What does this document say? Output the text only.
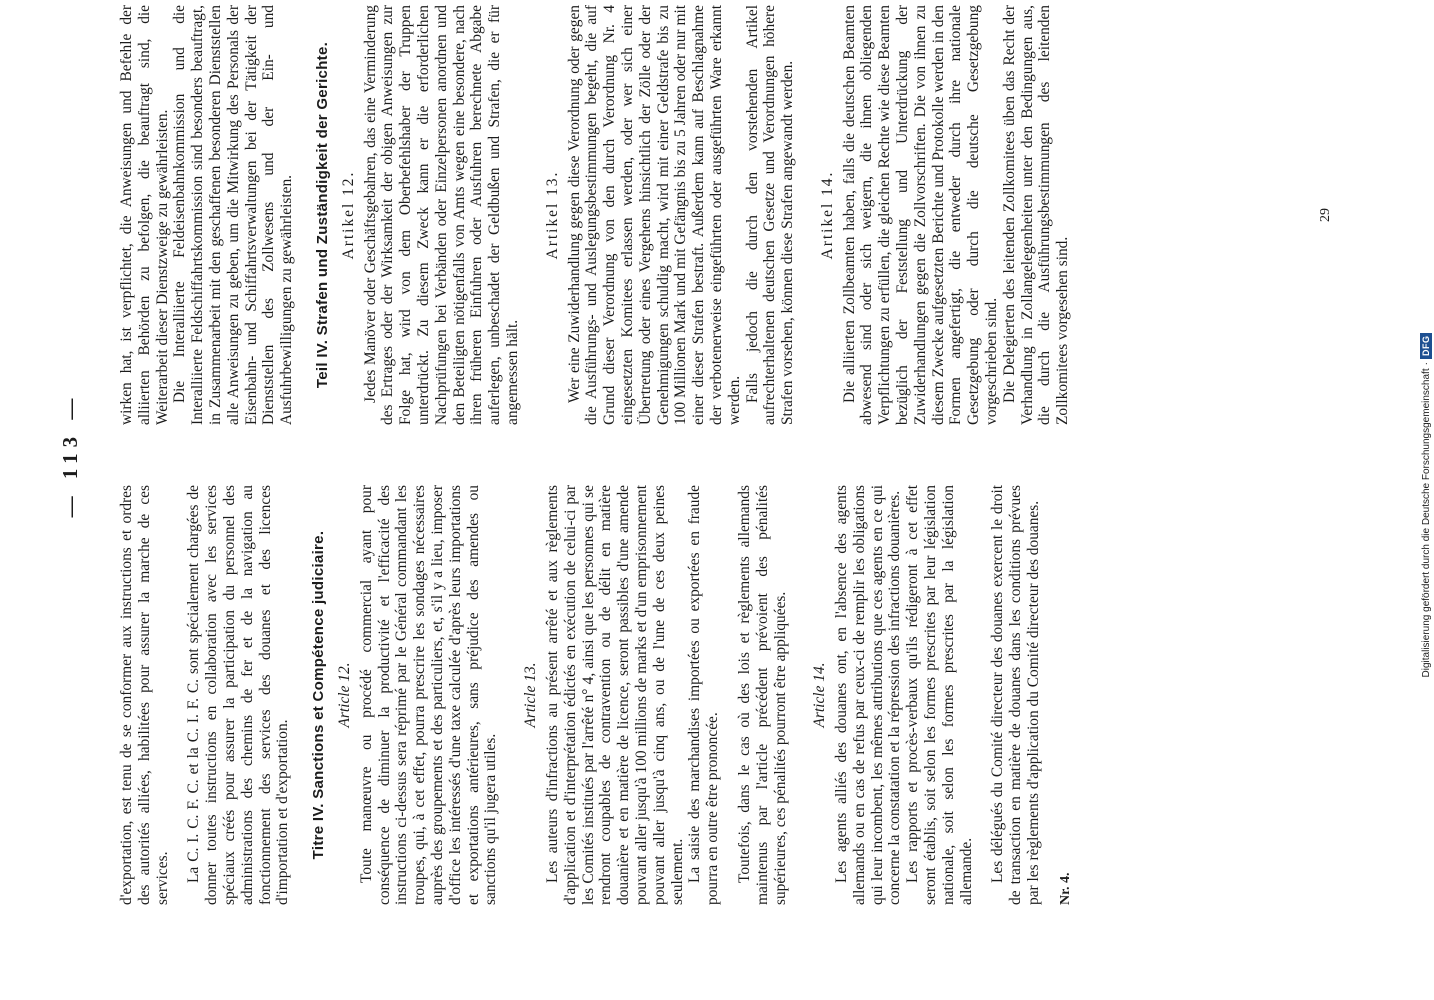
— 113 —

d'exportation, est tenu de se conformer aux instructions et ordres des autorités alliées, habilitées pour assurer la marche de ces services. La C. I. C. F. C. et la C. I. F. C. sont spécialement chargées de donner toutes instructions en collaboration avec les services spéciaux créés pour assurer la participation du personnel des administrations des chemins de fer et de la navigation au fonctionnement des services des douanes et des licences d'importation et d'exportation. Titre IV. Sanctions et Compétence judiciaire. Article 12. Toute manœuvre ou procédé commercial ayant pour conséquence de diminuer la productivité et l'efficacité des instructions ci-dessus sera réprimé par le Général commandant les troupes, qui, à cet effet, pourra prescrire les sondages nécessaires auprès des groupements et des particuliers, et, s'il y a lieu, imposer d'office les intéressés d'une taxe calculée d'après leurs importations et exportations antérieures, sans préjudice des amendes ou sanctions qu'il jugera utiles.

Article 13. Les auteurs d'infractions au présent arrêté et aux règlements d'application et d'interprétation édictés en exécution de celui-ci par les Comités institués par l'arrêté n° 4, ainsi que les personnes qui se rendront coupables de contravention ou de délit en matière douanière et en matière de licence, seront passibles d'une amende pouvant aller jusqu'à 100 millions de marks et d'un emprisonnement pouvant aller jusqu'à cinq ans, ou de l'une de ces deux peines seulement. La saisie des marchandises importées ou exportées en fraude pourra en outre être prononcée. Toutefois, dans le cas où des lois et règlements allemands maintenus par l'article précédent prévoient des pénalités supérieures, ces pénalités pourront être appliquées. Article 14. Les agents alliés des douanes ont, en l'absence des agents allemands ou en cas de refus par ceux-ci de remplir les obligations qui leur incombent, les mêmes attributions que ces agents en ce qui concerne la constatation et la répression des infractions douanières. Les rapports et procès-verbaux qu'ils rédigeront à cet effet seront établis, soit selon les formes prescrites par leur législation nationale, soit selon les formes prescrites par la législation allemande. Les délégués du Comité directeur des douanes exercent le droit de transaction en matière de douanes dans les conditions prévues par les règlements d'application du Comité directeur des douanes. Nr. 4.

wirken hat, ist verpflichtet, die Anweisungen und Befehle der alliierten Behörden zu befolgen, die beauftragt sind, die Weiterarbeit dieser Dienstzweige zu gewährleisten. Die Interalliierte Feldeisenbahnkommission und die Interalliierte Feldschiffahrtskommission sind besonders beauftragt, in Zusammenarbeit mit den geschaffenen besonderen Dienststellen alle Anweisungen zu geben, um die Mitwirkung des Personals der Eisenbahn- und Schiffahrtsverwaltungen bei der Tätigkeit der Dienststellen des Zollwesens und der Ein- und Ausfuhrbewilligungen zu gewährleisten. Teil IV. Strafen und Zuständigkeit der Gerichte. Artikel 12. Jedes Manöver oder Geschäftsgebahren, das eine Verminderung des Ertrages oder der Wirksamkeit der obigen Anweisungen zur Folge hat, wird von dem Oberbefehlshaber der Truppen unterdrückt. Zu diesem Zweck kann er die erforderlichen Nachprüfungen bei Verbänden oder Einzelpersonen anordnen und den Beteiligten nötigenfalls von Amts wegen eine besondere, nach ihren früheren Einfuhren oder Ausfuhren berechnete Abgabe auferlegen, unbeschadet der Geldbußen und Strafen, die er für angemessen hält.

Artikel 13. Wer eine Zuwiderhandlung gegen diese Verordnung oder gegen die Ausführungs- und Auslegungsbestimmungen begeht, die auf Grund dieser Verordnung von den durch Verordnung Nr. 4 eingesetzten Komitees erlassen werden, oder wer sich einer Übertretung oder eines Vergehens hinsichtlich der Zölle oder der Genehmigungen schuldig macht, wird mit einer Geldstrafe bis zu 100 Millionen Mark und mit Gefängnis bis zu 5 Jahren oder nur mit einer dieser Strafen bestraft. Außerdem kann auf Beschlagnahme der verbotenerweise eingeführten oder ausgeführten Ware erkannt werden. Falls jedoch die durch den vorstehenden Artikel aufrechterhaltenen deutschen Gesetze und Verordnungen höhere Strafen vorsehen, können diese Strafen angewandt werden. Artikel 14. Die alliierten Zollbeamten haben, falls die deutschen Beamten abwesend sind oder sich weigern, die ihnen obliegenden Verpflichtungen zu erfüllen, die gleichen Rechte wie diese Beamten bezüglich der Feststellung und Unterdrückung der Zuwiderhandlungen gegen die Zollvorschriften. Die von ihnen zu diesem Zwecke aufgesetzten Berichte und Protokolle werden in den Formen angefertigt, die entweder durch ihre nationale Gesetzgebung oder durch die deutsche Gesetzgebung vorgeschrieben sind. Die Delegierten des leitenden Zollkomitees üben das Recht der Verhandlung in Zollangelegenheiten unter den Bedingungen aus, die durch die Ausführungsbestimmungen des leitenden Zollkomitees vorgesehen sind.

29
Digitalisierung gefördert durch die Deutsche Forschungsgemeinschaft
·
DFG
